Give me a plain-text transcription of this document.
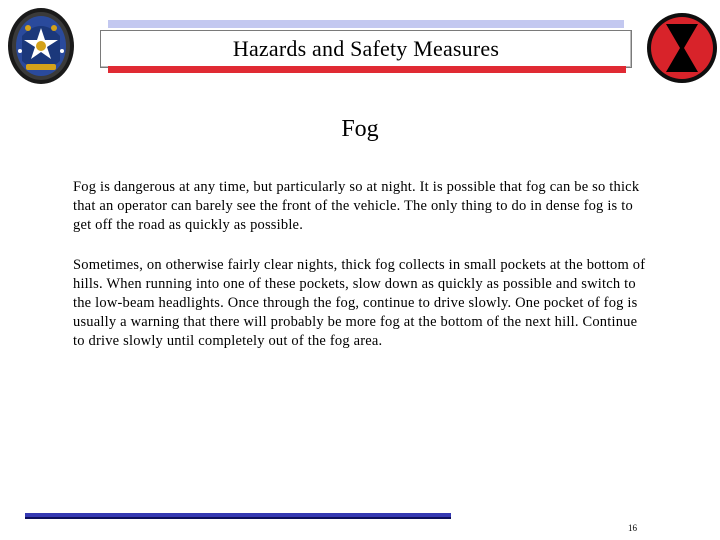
Hazards and Safety Measures
Fog
Fog is dangerous at any time, but particularly so at night. It is possible that fog can be so thick that an operator can barely see the front of the vehicle. The only thing to do in dense fog is to get off the road as quickly as possible.
Sometimes, on otherwise fairly clear nights, thick fog collects in small pockets at the bottom of hills. When running into one of these pockets, slow down as quickly as possible and switch to the low-beam headlights. Once through the fog, continue to drive slowly. One pocket of fog is usually a warning that there will probably be more fog at the bottom of the next hill. Continue to drive slowly until completely out of the fog area.
16
